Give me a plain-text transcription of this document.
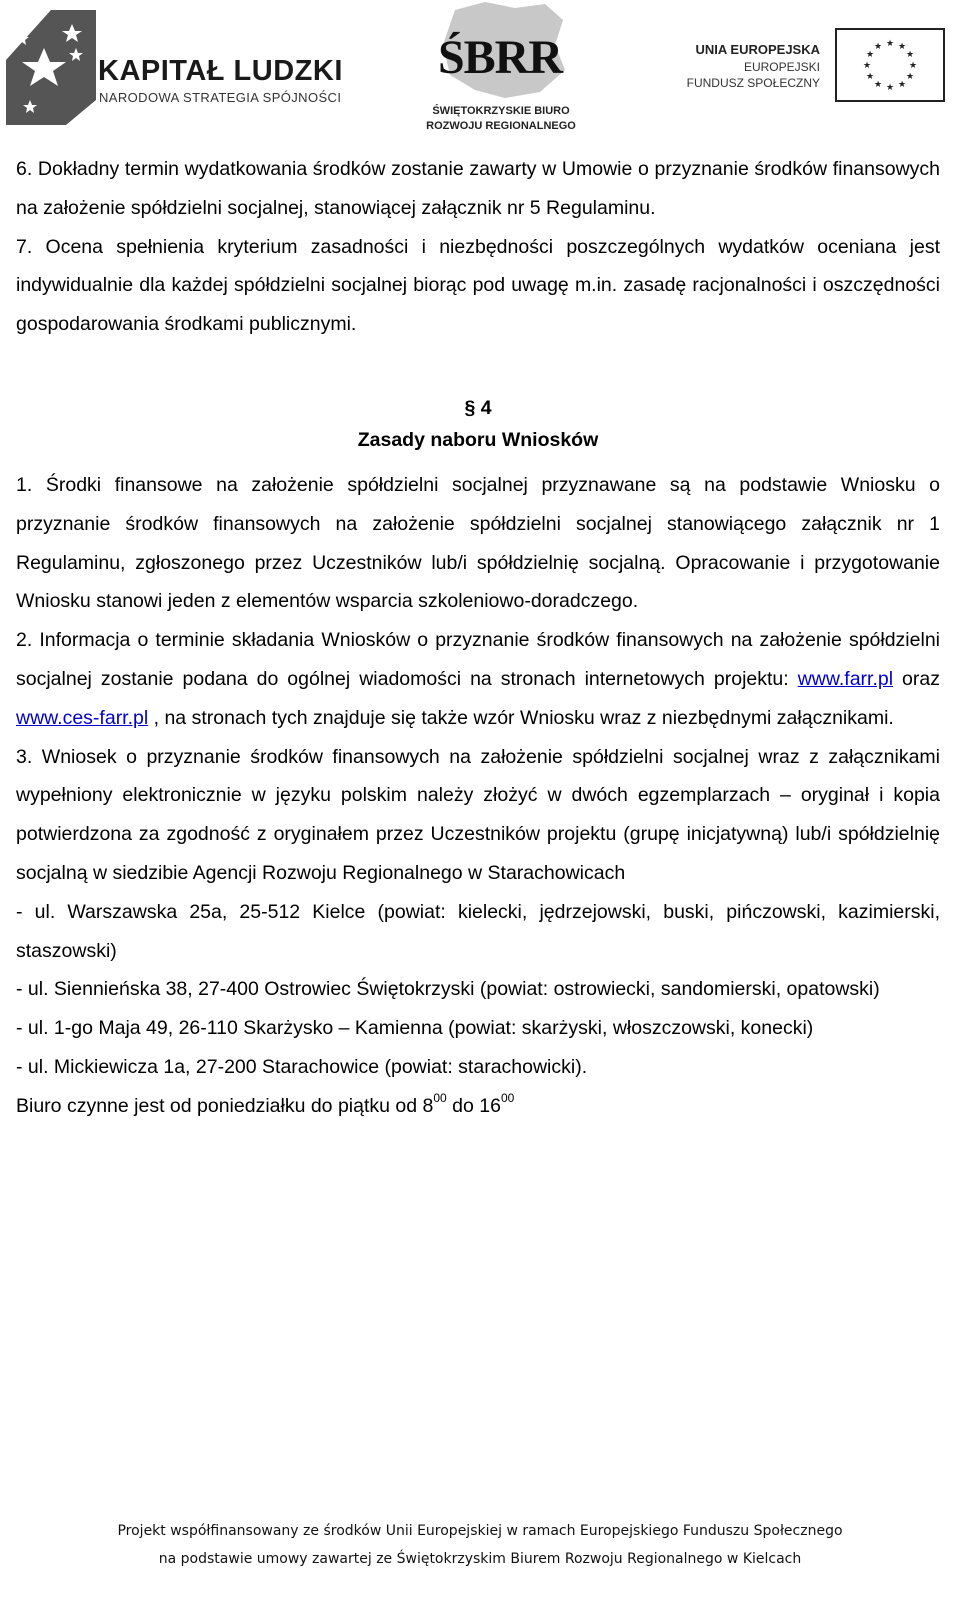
KAPITAŁ LUDZKI
NARODOWA STRATEGIA SPÓJNOŚCI
ŚBRR
ŚWIĘTOKRZYSKIE BIURO
ROZWOJU REGIONALNEGO
UNIA EUROPEJSKA
EUROPEJSKI
FUNDUSZ SPOŁECZNY
★ ★
★
★
★
★
★
★
★
★
★
★

6. Dokładny termin wydatkowania środków zostanie zawarty w Umowie o przyznanie środków finansowych na założenie spółdzielni socjalnej, stanowiącej załącznik nr 5 Regulaminu.

7. Ocena spełnienia kryterium zasadności i niezbędności poszczególnych wydatków oceniana jest indywidualnie dla każdej spółdzielni socjalnej biorąc pod uwagę m.in. zasadę racjonalności i oszczędności gospodarowania środkami publicznymi.

§ 4
Zasady naboru Wniosków

1. Środki finansowe na założenie spółdzielni socjalnej przyznawane są na podstawie Wniosku o przyznanie środków finansowych na założenie spółdzielni socjalnej stanowiącego załącznik nr 1 Regulaminu, zgłoszonego przez Uczestników lub/i spółdzielnię socjalną. Opracowanie i przygotowanie Wniosku stanowi jeden z elementów wsparcia szkoleniowo-doradczego.

2. Informacja o terminie składania Wniosków o przyznanie środków finansowych na założenie spółdzielni socjalnej zostanie podana do ogólnej wiadomości na stronach internetowych projektu: www.farr.pl oraz www.ces-farr.pl , na stronach tych znajduje się także wzór Wniosku wraz z niezbędnymi załącznikami.

3. Wniosek o przyznanie środków finansowych na założenie spółdzielni socjalnej wraz z załącznikami wypełniony elektronicznie w języku polskim należy złożyć w dwóch egzemplarzach – oryginał i kopia potwierdzona za zgodność z oryginałem przez Uczestników projektu (grupę inicjatywną) lub/i spółdzielnię socjalną w siedzibie Agencji Rozwoju Regionalnego w Starachowicach

- ul. Warszawska 25a, 25-512 Kielce (powiat: kielecki, jędrzejowski, buski, pińczowski, kazimierski, staszowski)

- ul. Siennieńska 38, 27-400 Ostrowiec Świętokrzyski (powiat: ostrowiecki, sandomierski, opatowski)

- ul. 1-go Maja 49, 26-110 Skarżysko – Kamienna (powiat: skarżyski, włoszczowski, konecki)

- ul. Mickiewicza 1a, 27-200 Starachowice (powiat: starachowicki).

Biuro czynne jest od poniedziałku do piątku od $8^{00}$ do $16^{00}$

Projekt współfinansowany ze środków Unii Europejskiej w ramach Europejskiego Funduszu Społecznego
na podstawie umowy zawartej ze Świętokrzyskim Biurem Rozwoju Regionalnego w Kielcach
